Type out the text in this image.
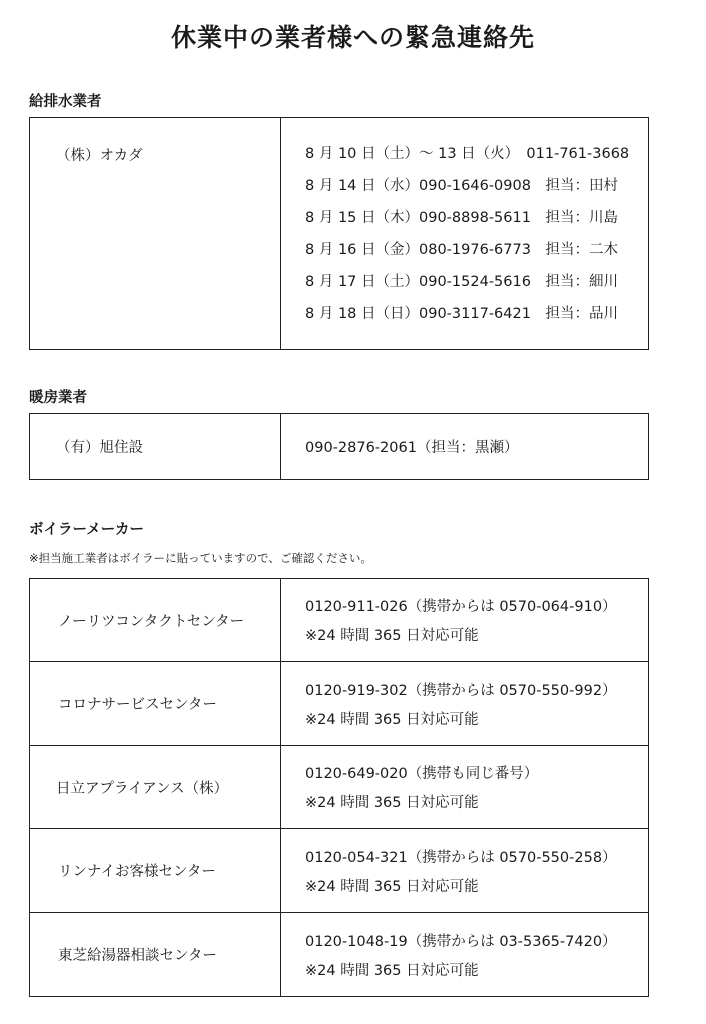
休業中の業者様への緊急連絡先
給排水業者
（株）オカダ	8 月 10 日（土）～ 13 日（火）　011-761-3668
8 月 14 日（水）090-1646-0908　担当：田村
8 月 15 日（木）090-8898-5611　担当：川島
8 月 16 日（金）080-1976-6773　担当：二木
8 月 17 日（土）090-1524-5616　担当：細川
8 月 18 日（日）090-3117-6421　担当：品川
暖房業者
（有）旭住設	090-2876-2061（担当：黒瀬）
ボイラーメーカー
※担当施工業者はボイラーに貼っていますので、ご確認ください。
ノーリツコンタクトセンター	0120-911-026（携帯からは 0570-064-910）
※24 時間 365 日対応可能

コロナサービスセンター	0120-919-302（携帯からは 0570-550-992）
※24 時間 365 日対応可能

日立アプライアンス（株）	0120-649-020（携帯も同じ番号）
※24 時間 365 日対応可能

リンナイお客様センター	0120-054-321（携帯からは 0570-550-258）
※24 時間 365 日対応可能

東芝給湯器相談センター	0120-1048-19（携帯からは 03-5365-7420）
※24 時間 365 日対応可能
